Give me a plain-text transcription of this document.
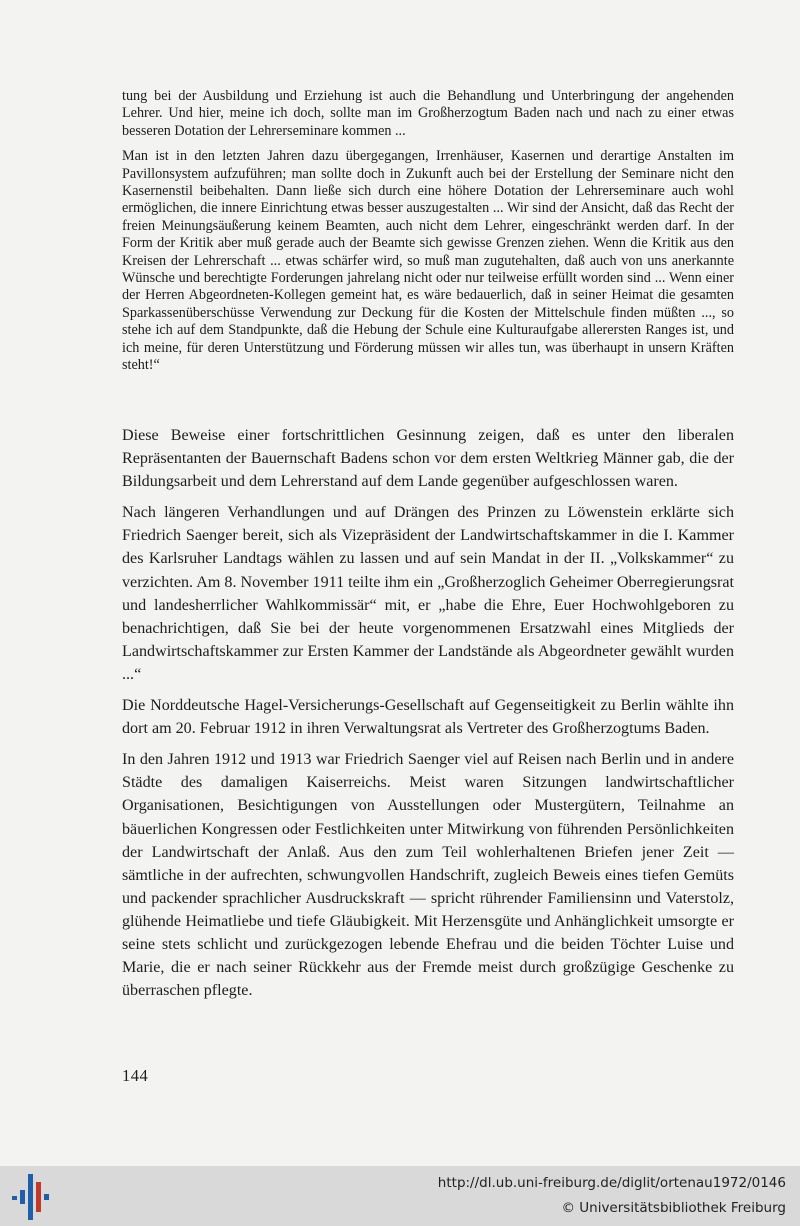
tung bei der Ausbildung und Erziehung ist auch die Behandlung und Unterbringung der angehenden Lehrer. Und hier, meine ich doch, sollte man im Großherzogtum Baden nach und nach zu einer etwas besseren Dotation der Lehrerseminare kommen ...

Man ist in den letzten Jahren dazu übergegangen, Irrenhäuser, Kasernen und derartige Anstalten im Pavillonsystem aufzuführen; man sollte doch in Zukunft auch bei der Erstellung der Seminare nicht den Kasernenstil beibehalten. Dann ließe sich durch eine höhere Dotation der Lehrerseminare auch wohl ermöglichen, die innere Einrichtung etwas besser auszugestalten ... Wir sind der Ansicht, daß das Recht der freien Meinungsäußerung keinem Beamten, auch nicht dem Lehrer, eingeschränkt werden darf. In der Form der Kritik aber muß gerade auch der Beamte sich gewisse Grenzen ziehen. Wenn die Kritik aus den Kreisen der Lehrerschaft ... etwas schärfer wird, so muß man zugutehalten, daß auch von uns anerkannte Wünsche und berechtigte Forderungen jahrelang nicht oder nur teilweise erfüllt worden sind ... Wenn einer der Herren Abgeordneten-Kollegen gemeint hat, es wäre bedauerlich, daß in seiner Heimat die gesamten Sparkassenüberschüsse Verwendung zur Deckung für die Kosten der Mittelschule finden müßten ..., so stehe ich auf dem Standpunkte, daß die Hebung der Schule eine Kulturaufgabe allerersten Ranges ist, und ich meine, für deren Unterstützung und Förderung müssen wir alles tun, was überhaupt in unsern Kräften steht!“

Diese Beweise einer fortschrittlichen Gesinnung zeigen, daß es unter den liberalen Repräsentanten der Bauernschaft Badens schon vor dem ersten Weltkrieg Männer gab, die der Bildungsarbeit und dem Lehrerstand auf dem Lande gegenüber aufgeschlossen waren.

Nach längeren Verhandlungen und auf Drängen des Prinzen zu Löwenstein erklärte sich Friedrich Saenger bereit, sich als Vizepräsident der Landwirtschaftskammer in die I. Kammer des Karlsruher Landtags wählen zu lassen und auf sein Mandat in der II. „Volkskammer“ zu verzichten. Am 8. November 1911 teilte ihm ein „Großherzoglich Geheimer Oberregierungsrat und landesherrlicher Wahlkommissär“ mit, er „habe die Ehre, Euer Hochwohlgeboren zu benachrichtigen, daß Sie bei der heute vorgenommenen Ersatzwahl eines Mitglieds der Landwirtschaftskammer zur Ersten Kammer der Landstände als Abgeordneter gewählt wurden ...“

Die Norddeutsche Hagel-Versicherungs-Gesellschaft auf Gegenseitigkeit zu Berlin wählte ihn dort am 20. Februar 1912 in ihren Verwaltungsrat als Vertreter des Großherzogtums Baden.

In den Jahren 1912 und 1913 war Friedrich Saenger viel auf Reisen nach Berlin und in andere Städte des damaligen Kaiserreichs. Meist waren Sitzungen landwirtschaftlicher Organisationen, Besichtigungen von Ausstellungen oder Mustergütern, Teilnahme an bäuerlichen Kongressen oder Festlichkeiten unter Mitwirkung von führenden Persönlichkeiten der Landwirtschaft der Anlaß. Aus den zum Teil wohlerhaltenen Briefen jener Zeit — sämtliche in der aufrechten, schwungvollen Handschrift, zugleich Beweis eines tiefen Gemüts und packender sprachlicher Ausdruckskraft — spricht rührender Familiensinn und Vaterstolz, glühende Heimatliebe und tiefe Gläubigkeit. Mit Herzensgüte und Anhänglichkeit umsorgte er seine stets schlicht und zurückgezogen lebende Ehefrau und die beiden Töchter Luise und Marie, die er nach seiner Rückkehr aus der Fremde meist durch großzügige Geschenke zu überraschen pflegte.

144
http://dl.ub.uni-freiburg.de/diglit/ortenau1972/0146
© Universitätsbibliothek Freiburg
